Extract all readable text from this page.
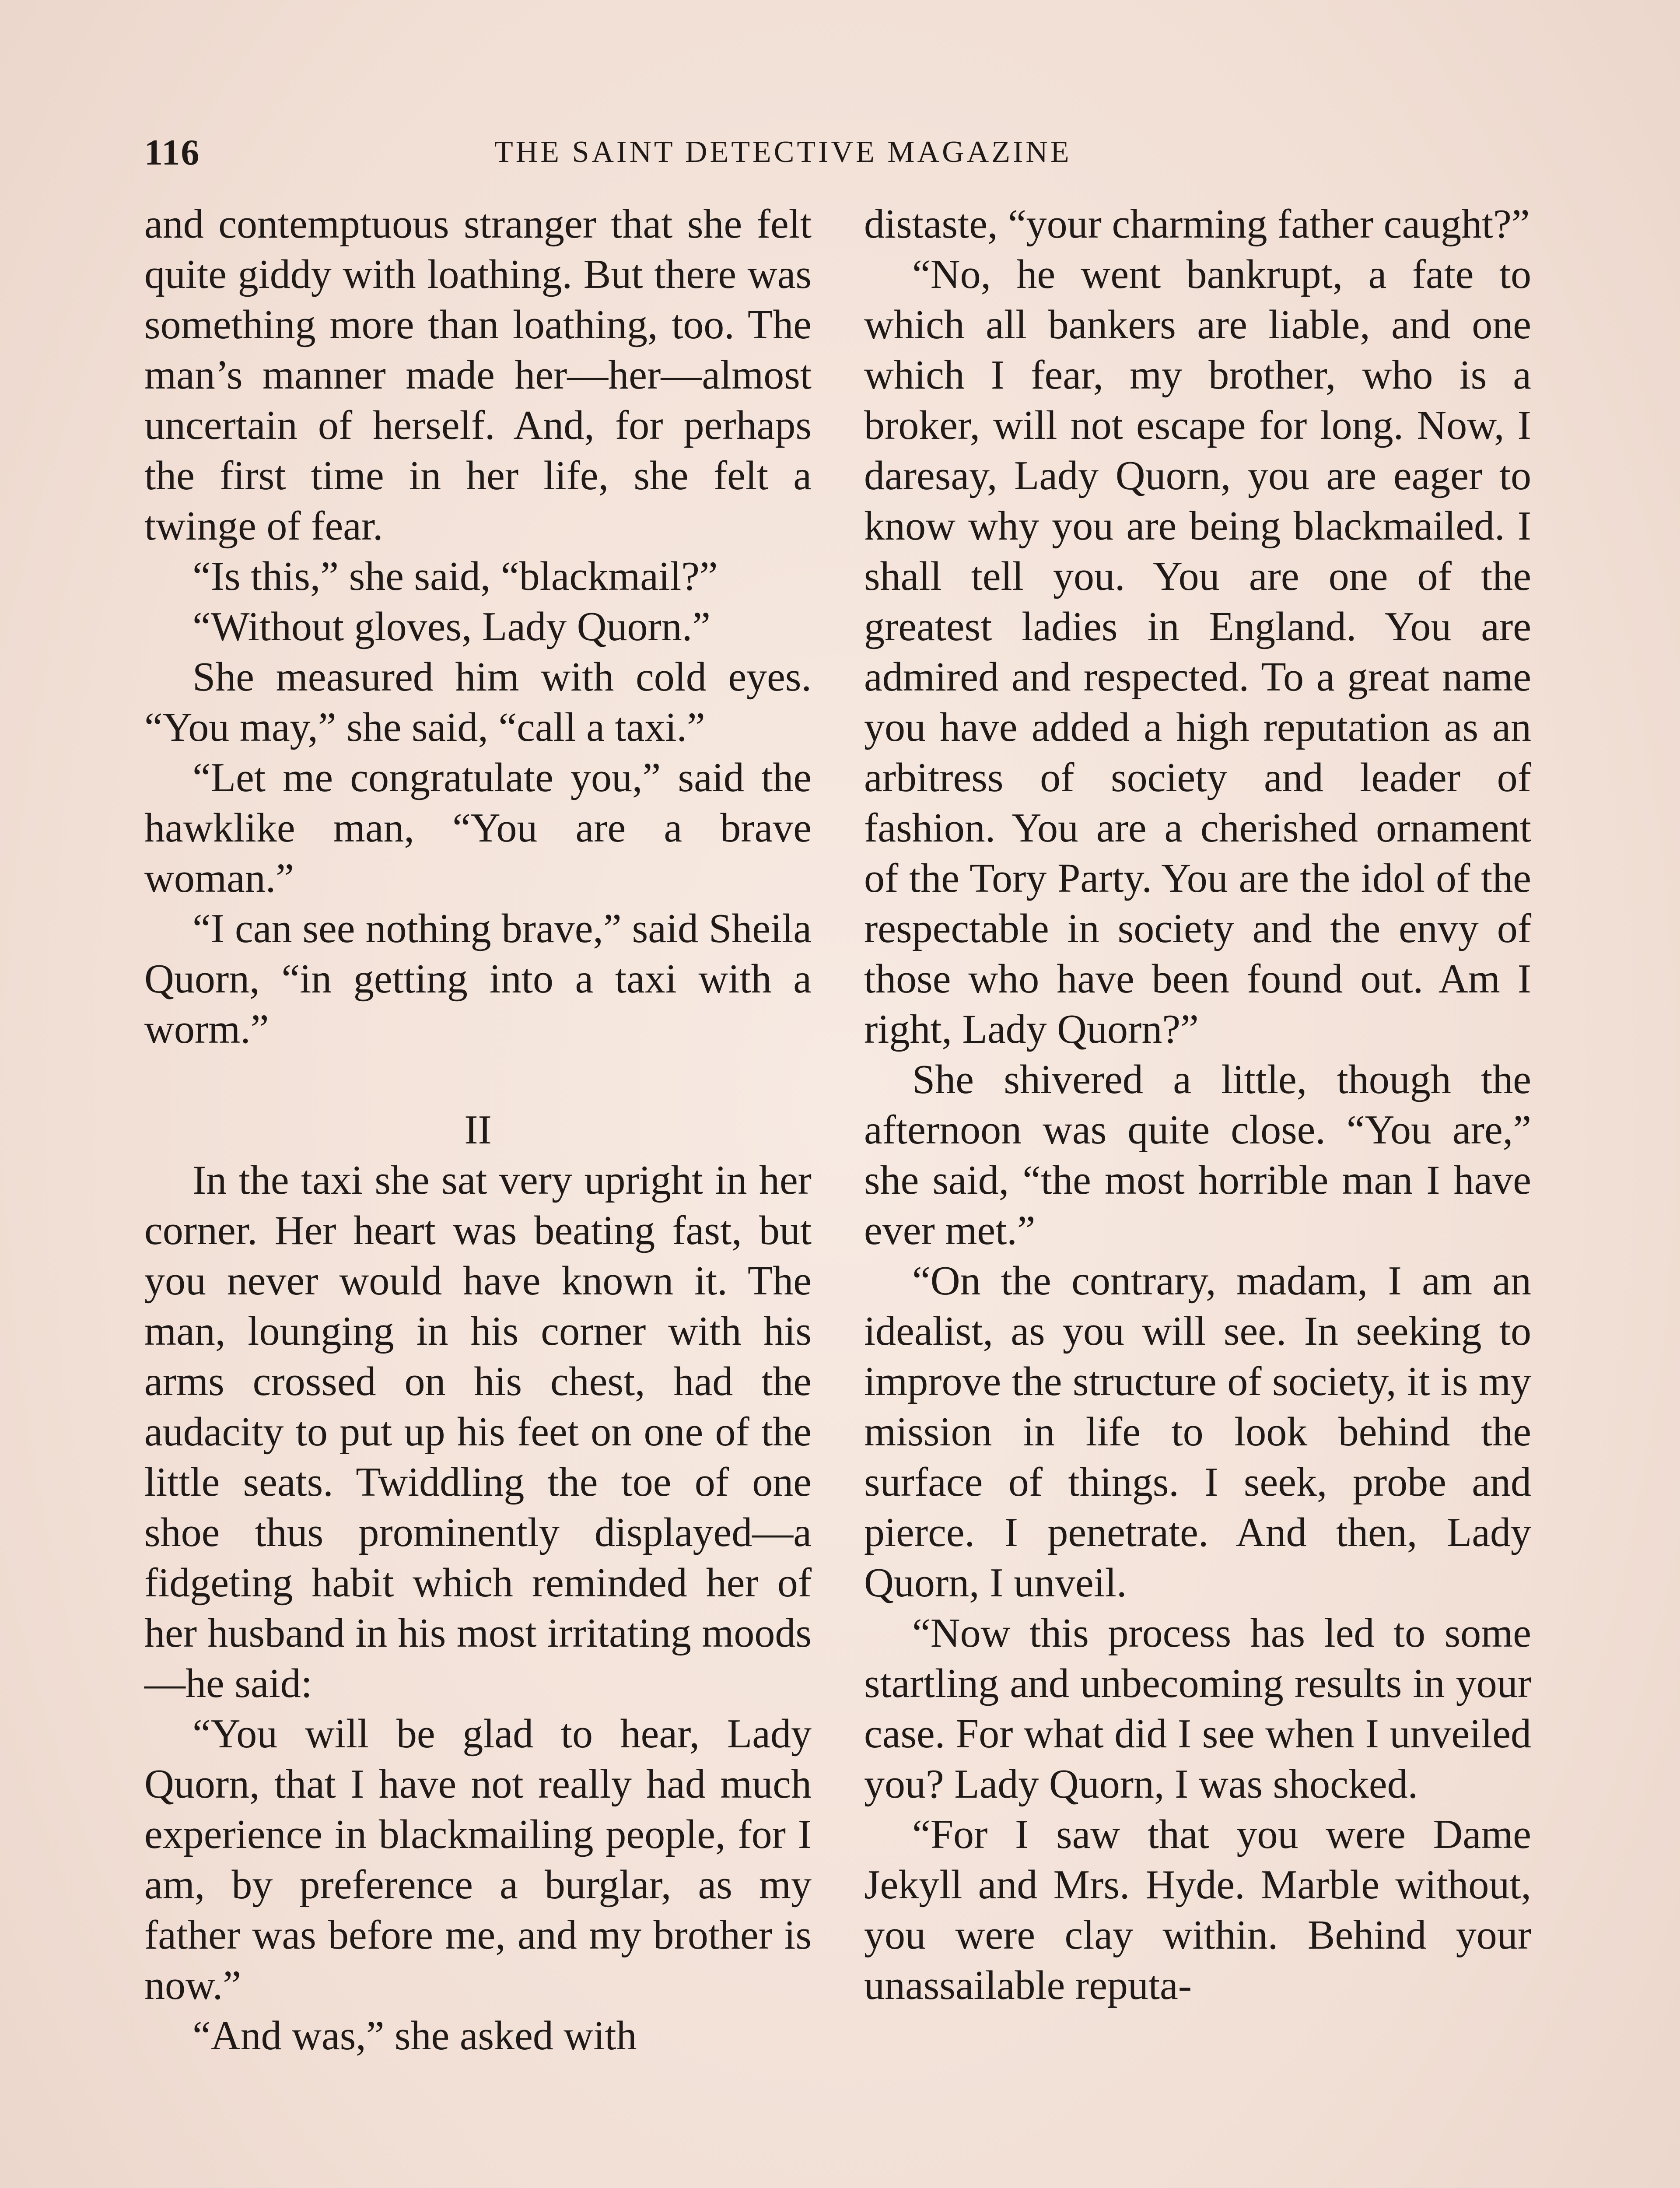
116	THE SAINT DETECTIVE MAGAZINE

and contemptuous stranger that she felt quite giddy with loathing. But there was something more than loathing, too. The man’s manner made her—her—almost uncertain of herself. And, for perhaps the first time in her life, she felt a twinge of fear.

“Is this,” she said, “blackmail?”

“Without gloves, Lady Quorn.”

She measured him with cold eyes. “You may,” she said, “call a taxi.”

“Let me congratulate you,” said the hawklike man, “You are a brave woman.”

“I can see nothing brave,” said Sheila Quorn, “in getting into a taxi with a worm.”

II

In the taxi she sat very upright in her corner. Her heart was beating fast, but you never would have known it. The man, lounging in his corner with his arms crossed on his chest, had the audacity to put up his feet on one of the little seats. Twiddling the toe of one shoe thus prominently displayed—a fidgeting habit which reminded her of her husband in his most irritating moods—he said:

“You will be glad to hear, Lady Quorn, that I have not really had much experience in blackmailing people, for I am, by preference a burglar, as my father was before me, and my brother is now.”

“And was,” she asked with

distaste, “your charming father caught?”

“No, he went bankrupt, a fate to which all bankers are liable, and one which I fear, my brother, who is a broker, will not escape for long. Now, I daresay, Lady Quorn, you are eager to know why you are being blackmailed. I shall tell you. You are one of the greatest ladies in England. You are admired and respected. To a great name you have added a high reputation as an arbitress of society and leader of fashion. You are a cherished ornament of the Tory Party. You are the idol of the respectable in society and the envy of those who have been found out. Am I right, Lady Quorn?”

She shivered a little, though the afternoon was quite close. “You are,” she said, “the most horrible man I have ever met.”

“On the contrary, madam, I am an idealist, as you will see. In seeking to improve the structure of society, it is my mission in life to look behind the surface of things. I seek, probe and pierce. I penetrate. And then, Lady Quorn, I unveil.

“Now this process has led to some startling and unbecoming results in your case. For what did I see when I unveiled you? Lady Quorn, I was shocked.

“For I saw that you were Dame Jekyll and Mrs. Hyde. Marble without, you were clay within. Behind your unassailable reputa-
